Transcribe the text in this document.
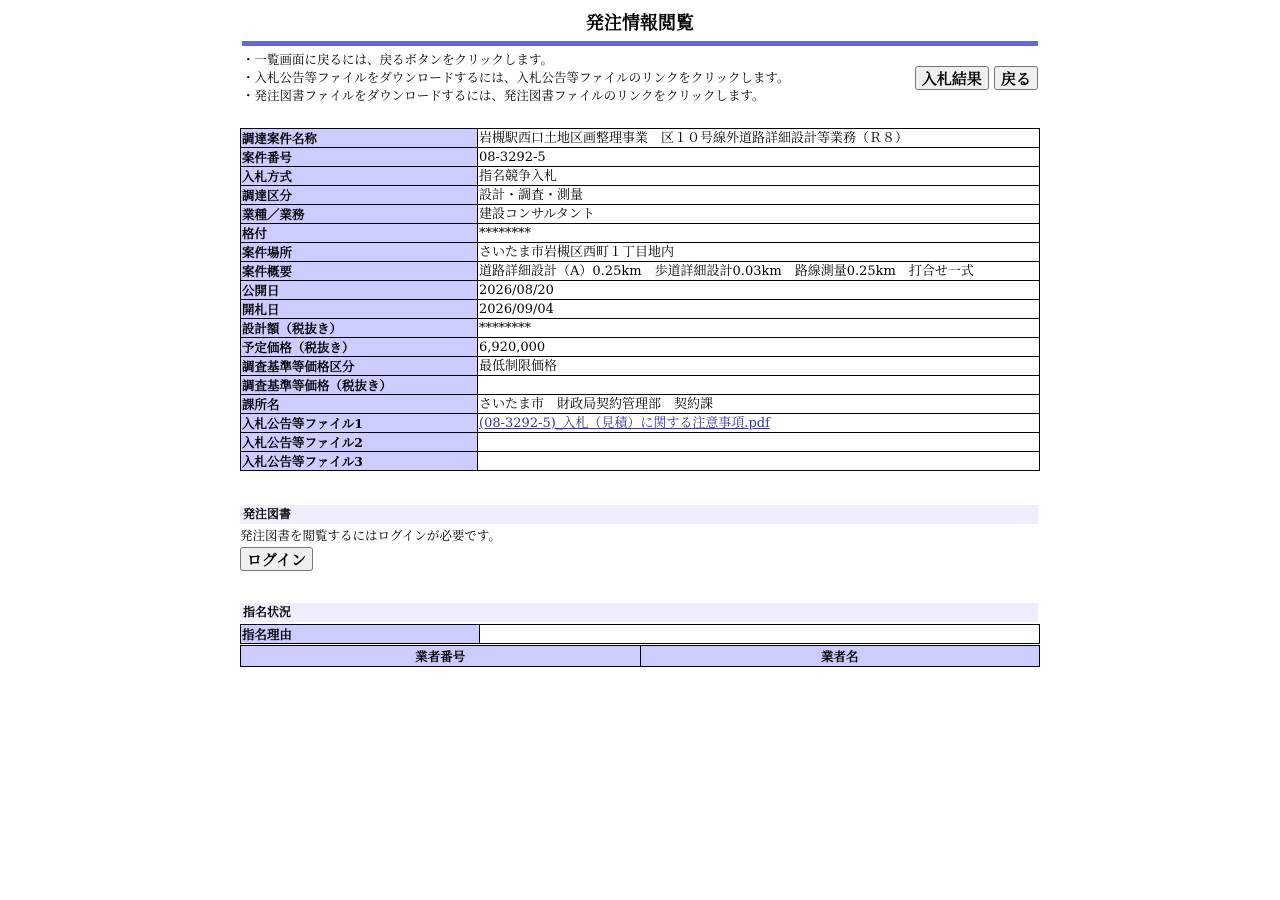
発注情報閲覧
・一覧画面に戻るには、戻るボタンをクリックします。
・入札公告等ファイルをダウンロードするには、入札公告等ファイルのリンクをクリックします。
・発注図書ファイルをダウンロードするには、発注図書ファイルのリンクをクリックします。
入札結果 戻る
調達案件名称	岩槻駅西口土地区画整理事業　区１０号線外道路詳細設計等業務（Ｒ８）
案件番号	08-3292-5
入札方式	指名競争入札
調達区分	設計・調査・測量
業種／業務	建設コンサルタント
格付	********
案件場所	さいたま市岩槻区西町１丁目地内
案件概要	道路詳細設計（A）0.25km　歩道詳細設計0.03km　路線測量0.25km　打合せ一式
公開日	2026/08/20
開札日	2026/09/04
設計額（税抜き）	********
予定価格（税抜き）	6,920,000
調査基準等価格区分	最低制限価格
調査基準等価格（税抜き）	
課所名	さいたま市　財政局契約管理部　契約課
入札公告等ファイル1	(08-3292-5)_入札（見積）に関する注意事項.pdf
入札公告等ファイル2	
入札公告等ファイル3	
発注図書
発注図書を閲覧するにはログインが必要です。
ログイン
指名状況
指名理由	
業者番号	業者名
